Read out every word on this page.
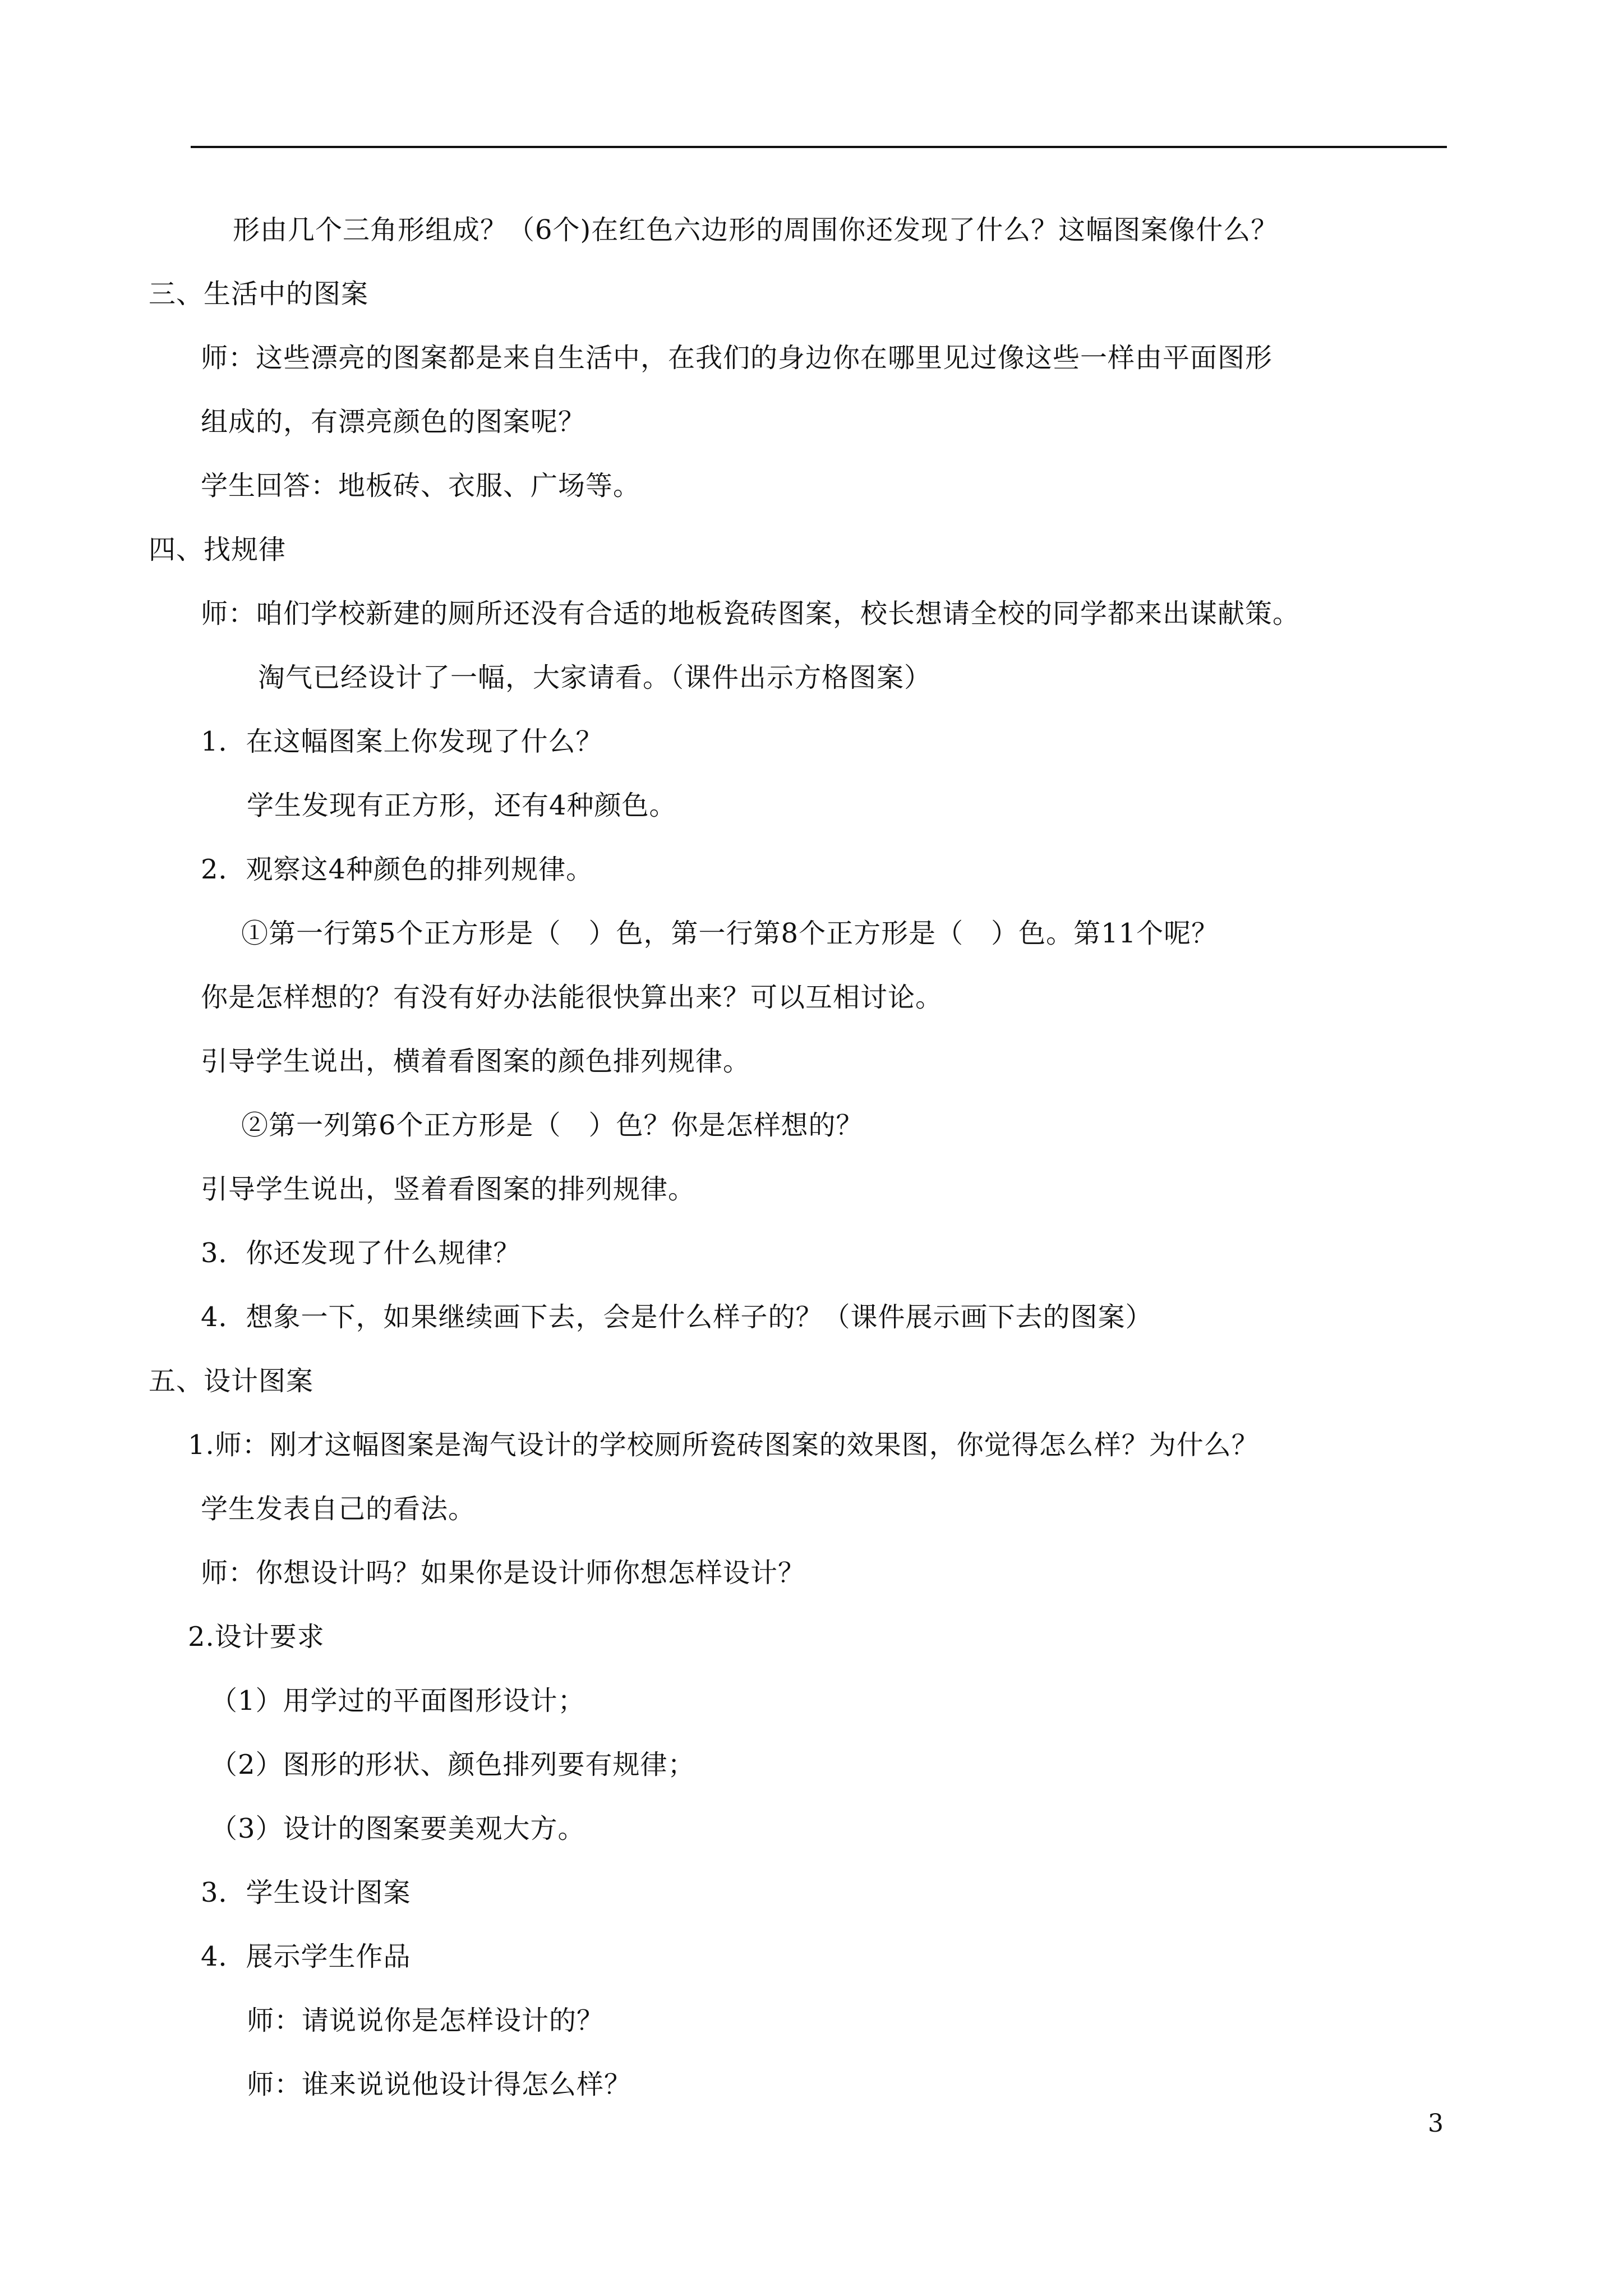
形由几个三角形组成？（6个)在红色六边形的周围你还发现了什么？这幅图案像什么？
三、生活中的图案
师：这些漂亮的图案都是来自生活中，在我们的身边你在哪里见过像这些一样由平面图形
组成的，有漂亮颜色的图案呢？
学生回答：地板砖、衣服、广场等。
四、找规律
师：咱们学校新建的厕所还没有合适的地板瓷砖图案，校长想请全校的同学都来出谋献策。
淘气已经设计了一幅，大家请看。（课件出示方格图案）
1．在这幅图案上你发现了什么？
学生发现有正方形，还有4种颜色。
2．观察这4种颜色的排列规律。
①第一行第5个正方形是（　）色，第一行第8个正方形是（　）色。第11个呢？
你是怎样想的？有没有好办法能很快算出来？可以互相讨论。
引导学生说出，横着看图案的颜色排列规律。
②第一列第6个正方形是（　）色？你是怎样想的？
引导学生说出，竖着看图案的排列规律。
3．你还发现了什么规律？
4．想象一下，如果继续画下去，会是什么样子的？（课件展示画下去的图案）
五、设计图案
1.师：刚才这幅图案是淘气设计的学校厕所瓷砖图案的效果图，你觉得怎么样？为什么？
学生发表自己的看法。
师：你想设计吗？如果你是设计师你想怎样设计？
2.设计要求
（1）用学过的平面图形设计；
（2）图形的形状、颜色排列要有规律；
（3）设计的图案要美观大方。
3．学生设计图案
4．展示学生作品
师：请说说你是怎样设计的？
师：谁来说说他设计得怎么样？
3
